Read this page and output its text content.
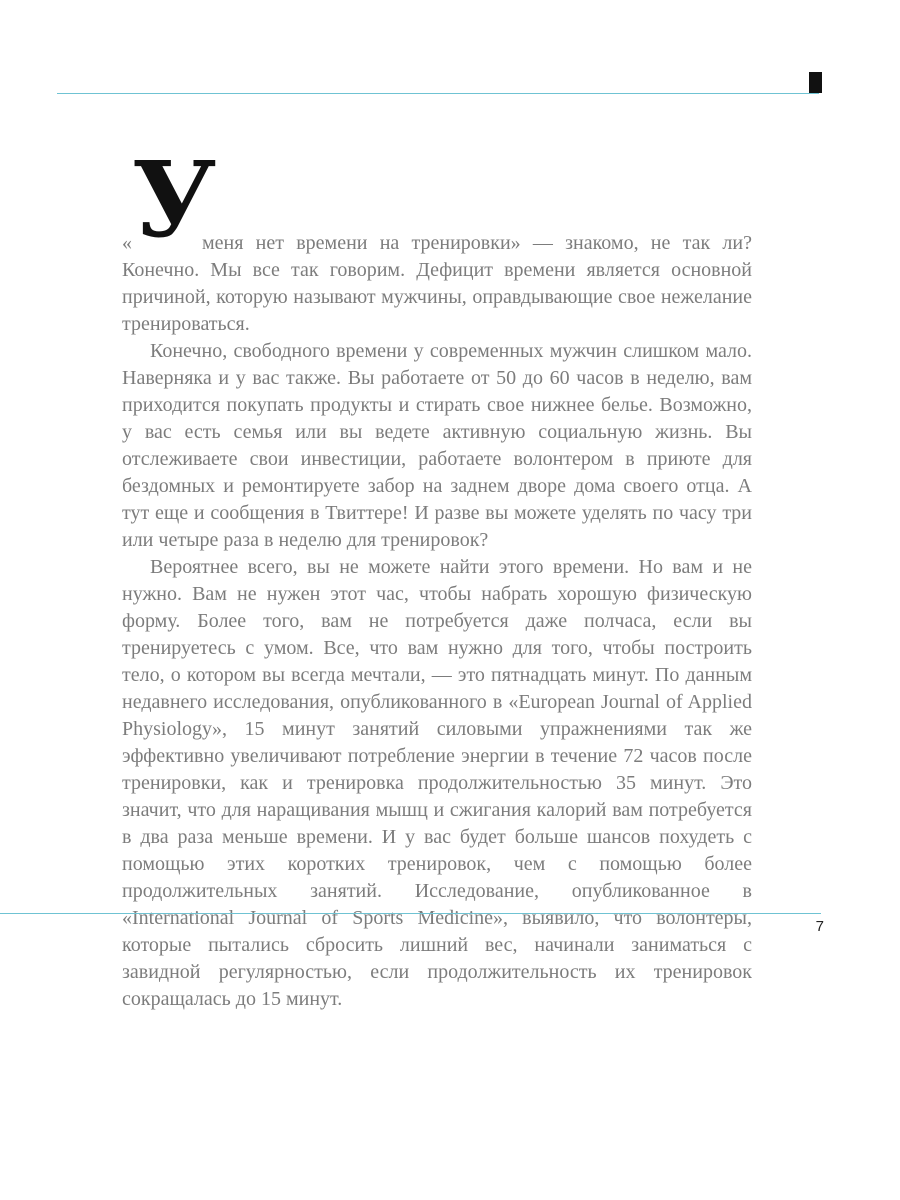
У

«	меня нет времени на тренировки» — знакомо, не так ли? Конечно. Мы все так говорим. Дефицит времени является основной причиной, которую называют мужчины, оправдывающие свое нежелание тренироваться.

Конечно, свободного времени у современных мужчин слишком мало. Наверняка и у вас также. Вы работаете от 50 до 60 часов в неделю, вам приходится покупать продукты и стирать свое нижнее белье. Возможно, у вас есть семья или вы ведете активную социальную жизнь. Вы отслеживаете свои инвестиции, работаете волонтером в приюте для бездомных и ремонтируете забор на заднем дворе дома своего отца. А тут еще и сообщения в Твиттере! И разве вы можете уделять по часу три или четыре раза в неделю для тренировок?

Вероятнее всего, вы не можете найти этого времени. Но вам и не нужно. Вам не нужен этот час, чтобы набрать хорошую физическую форму. Более того, вам не потребуется даже полчаса, если вы тренируетесь с умом. Все, что вам нужно для того, чтобы построить тело, о котором вы всегда мечтали, — это пятнадцать минут. По данным недавнего исследования, опубликованного в «European Journal of Applied Physiology», 15 минут занятий силовыми упражнениями так же эффективно увеличивают потребление энергии в течение 72 часов после тренировки, как и тренировка продолжительностью 35 минут. Это значит, что для наращивания мышц и сжигания калорий вам потребуется в два раза меньше времени. И у вас будет больше шансов похудеть с помощью этих коротких тренировок, чем с помощью более продолжительных занятий. Исследование, опубликованное в «International Journal of Sports Medicine», выявило, что волонтеры, которые пытались сбросить лишний вес, начинали заниматься с завидной регулярностью, если продолжительность их тренировок сокращалась до 15 минут.

7
